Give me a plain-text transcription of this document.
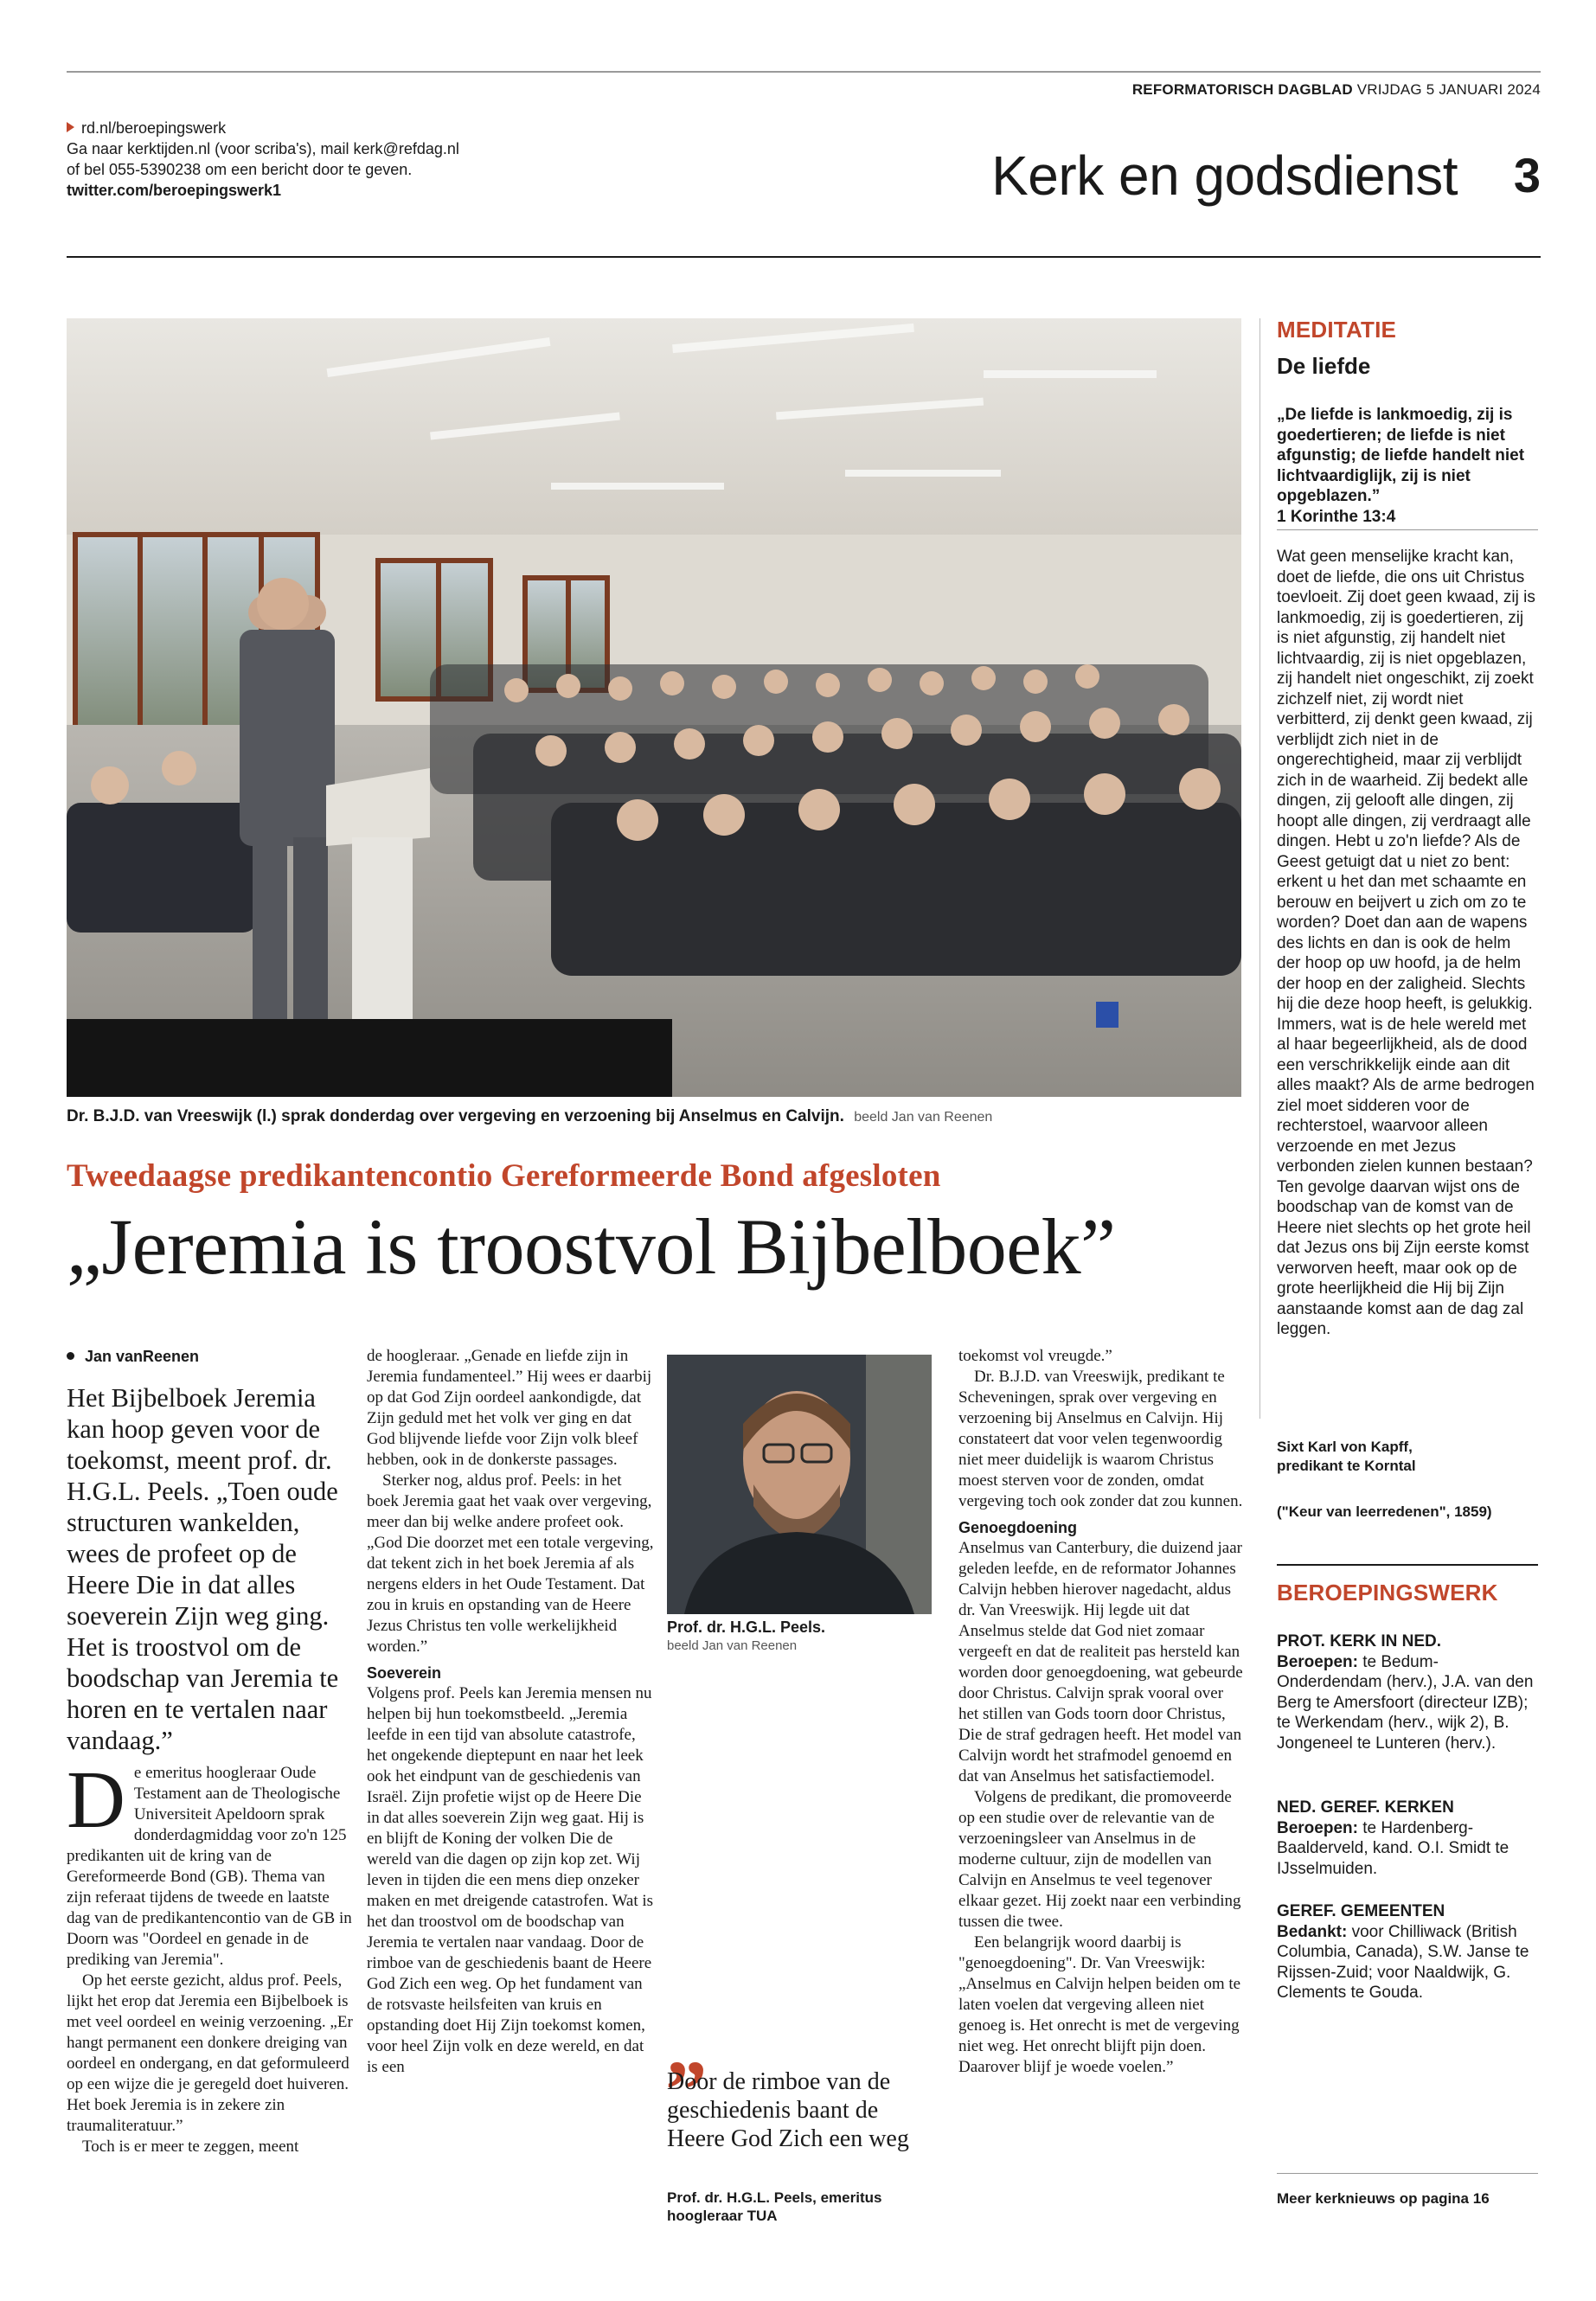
REFORMATORISCH DAGBLAD VRIJDAG 5 JANUARI 2024
rd.nl/beroepingswerk
Ga naar kerktijden.nl (voor scriba's), mail kerk@refdag.nl
of bel 055-5390238 om een bericht door te geven.
twitter.com/beroepingswerk1	Kerk en godsdienst 3
Dr. B.J.D. van Vreeswijk (l.) sprak donderdag over vergeving en verzoening bij Anselmus en Calvijn. beeld Jan van Reenen
Tweedaagse predikantencontio Gereformeerde Bond afgesloten
„Jeremia is troostvol Bijbelboek”
Jan vanReenen
Het Bijbelboek Jeremia kan hoop geven voor de toekomst, meent prof. dr. H.G.L. Peels. „Toen oude structuren wankelden, wees de profeet op de Heere Die in dat alles soeverein Zijn weg ging. Het is troostvol om de boodschap van Jeremia te horen en te vertalen naar vandaag.”

De emeritus hoogleraar Oude Testament aan de Theologische Universiteit Apeldoorn sprak donderdagmiddag voor zo'n 125 predikanten uit de kring van de Gereformeerde Bond (GB). Thema van zijn referaat tijdens de tweede en laatste dag van de predikantencontio van de GB in Doorn was "Oordeel en genade in de prediking van Jeremia".

Op het eerste gezicht, aldus prof. Peels, lijkt het erop dat Jeremia een Bijbelboek is met veel oordeel en weinig verzoening. „Er hangt permanent een donkere dreiging van oordeel en ondergang, en dat geformuleerd op een wijze die je geregeld doet huiveren. Het boek Jeremia is in zekere zin traumaliteratuur.”

Toch is er meer te zeggen, meent

de hoogleraar. „Genade en liefde zijn in Jeremia fundamenteel.” Hij wees er daarbij op dat God Zijn oordeel aankondigde, dat Zijn geduld met het volk ver ging en dat God blijvende liefde voor Zijn volk bleef hebben, ook in de donkerste passages.

Sterker nog, aldus prof. Peels: in het boek Jeremia gaat het vaak over vergeving, meer dan bij welke andere profeet ook. „God Die doorzet met een totale vergeving, dat tekent zich in het boek Jeremia af als nergens elders in het Oude Testament. Dat zou in kruis en opstanding van de Heere Jezus Christus ten volle werkelijkheid worden.”

Soeverein

Volgens prof. Peels kan Jeremia mensen nu helpen bij hun toekomstbeeld. „Jeremia leefde in een tijd van absolute catastrofe, het ongekende dieptepunt en naar het leek ook het eindpunt van de geschiedenis van Israël. Zijn profetie wijst op de Heere Die in dat alles soeverein Zijn weg gaat. Hij is en blijft de Koning der volken Die de wereld van die dagen op zijn kop zet. Wij leven in tijden die een mens diep onzeker maken en met dreigende catastrofen. Wat is het dan troostvol om de boodschap van Jeremia te vertalen naar vandaag. Door de rimboe van de geschiedenis baant de Heere God Zich een weg. Op het fundament van de rotsvaste heilsfeiten van kruis en opstanding doet Hij Zijn toekomst komen, voor heel Zijn volk en deze wereld, en dat is een

Prof. dr. H.G.L. Peels.
beeld Jan van Reenen
„
Door de rimboe van de geschiedenis baant de Heere God Zich een weg
Prof. dr. H.G.L. Peels, emeritus hoogleraar TUA

toekomst vol vreugde.”

Dr. B.J.D. van Vreeswijk, predikant te Scheveningen, sprak over vergeving en verzoening bij Anselmus en Calvijn. Hij constateert dat voor velen tegenwoordig niet meer duidelijk is waarom Christus moest sterven voor de zonden, omdat vergeving toch ook zonder dat zou kunnen.

Genoegdoening

Anselmus van Canterbury, die duizend jaar geleden leefde, en de reformator Johannes Calvijn hebben hierover nagedacht, aldus dr. Van Vreeswijk. Hij legde uit dat Anselmus stelde dat God niet zomaar vergeeft en dat de realiteit pas hersteld kan worden door genoegdoening, wat gebeurde door Christus. Calvijn sprak vooral over het stillen van Gods toorn door Christus, Die de straf gedragen heeft. Het model van Calvijn wordt het strafmodel genoemd en dat van Anselmus het satisfactiemodel.

Volgens de predikant, die promoveerde op een studie over de relevantie van de verzoeningsleer van Anselmus in de moderne cultuur, zijn de modellen van Calvijn en Anselmus te veel tegenover elkaar gezet. Hij zoekt naar een verbinding tussen die twee.

Een belangrijk woord daarbij is "genoegdoening". Dr. Van Vreeswijk: „Anselmus en Calvijn helpen beiden om te laten voelen dat vergeving alleen niet genoeg is. Het onrecht is met de vergeving niet weg. Het onrecht blijft pijn doen. Daarover blijf je woede voelen.”

MEDITATIE
De liefde
„De liefde is lankmoedig, zij is goedertieren; de liefde is niet afgunstig; de liefde handelt niet lichtvaardiglijk, zij is niet opgeblazen.”
1 Korinthe 13:4
Wat geen menselijke kracht kan, doet de liefde, die ons uit Christus toevloeit. Zij doet geen kwaad, zij is lankmoedig, zij is goedertieren, zij is niet afgunstig, zij handelt niet lichtvaardig, zij is niet opgeblazen, zij handelt niet ongeschikt, zij zoekt zichzelf niet, zij wordt niet verbitterd, zij denkt geen kwaad, zij verblijdt zich niet in de ongerechtigheid, maar zij verblijdt zich in de waarheid. Zij bedekt alle dingen, zij gelooft alle dingen, zij hoopt alle dingen, zij verdraagt alle dingen. Hebt u zo'n liefde? Als de Geest getuigt dat u niet zo bent: erkent u het dan met schaamte en berouw en beijvert u zich om zo te worden? Doet dan aan de wapens des lichts en dan is ook de helm der hoop op uw hoofd, ja de helm der hoop en der zaligheid. Slechts hij die deze hoop heeft, is gelukkig. Immers, wat is de hele wereld met al haar begeerlijkheid, als de dood een verschrikkelijk einde aan dit alles maakt? Als de arme bedrogen ziel moet sidderen voor de rechterstoel, waarvoor alleen verzoende en met Jezus verbonden zielen kunnen bestaan? Ten gevolge daarvan wijst ons de boodschap van de komst van de Heere niet slechts op het grote heil dat Jezus ons bij Zijn eerste komst verworven heeft, maar ook op de grote heerlijkheid die Hij bij Zijn aanstaande komst aan de dag zal leggen.
Sixt Karl von Kapff,
predikant te Korntal
("Keur van leerredenen", 1859)
BEROEPINGSWERK
PROT. KERK IN NED.
Beroepen: te Bedum-Onderdendam (herv.), J.A. van den Berg te Amersfoort (directeur IZB); te Werkendam (herv., wijk 2), B. Jongeneel te Lunteren (herv.).
NED. GEREF. KERKEN
Beroepen: te Hardenberg-Baalderveld, kand. O.I. Smidt te IJsselmuiden.
GEREF. GEMEENTEN
Bedankt: voor Chilliwack (British Columbia, Canada), S.W. Janse te Rijssen-Zuid; voor Naaldwijk, G. Clements te Gouda.
Meer kerknieuws op pagina 16
